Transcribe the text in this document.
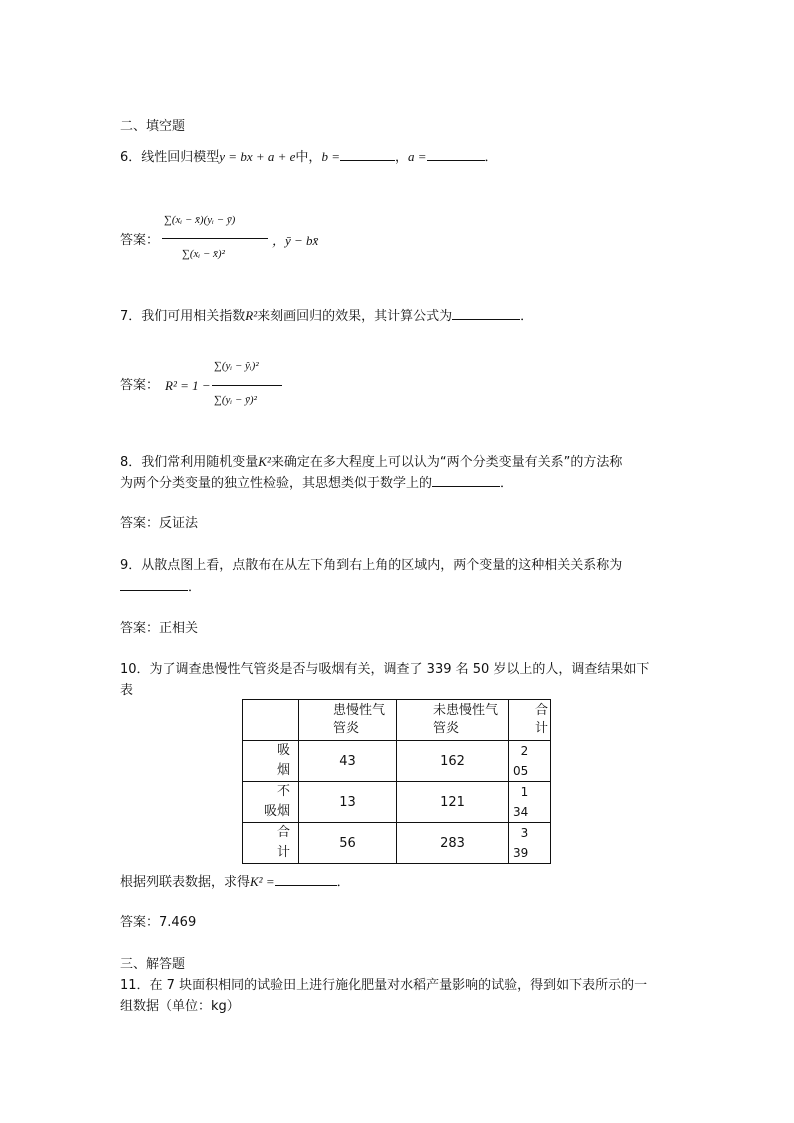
二、填空题
6．线性回归模型y = bx + a + e中，b =	，a =	．
答案：
∑(xᵢ − x̄)(yᵢ − ȳ)
∑(xᵢ − x̄)²
，ȳ − bx̄
7．我们可用相关指数R²来刻画回归的效果，其计算公式为	．
答案： R² = 1 −
∑(yᵢ − ŷᵢ)²
∑(yᵢ − ȳ)²
8．我们常利用随机变量K²来确定在多大程度上可以认为“两个分类变量有关系”的方法称
为两个分类变量的独立性检验，其思想类似于数学上的	．
答案：反证法
9．从散点图上看，点散布在从左下角到右上角的区域内，两个变量的这种相关关系称为
．
答案：正相关
10．为了调查患慢性气管炎是否与吸烟有关，调查了 339 名 50 岁以上的人，调查结果如下
表
	患慢性气
管炎	未患慢性气
管炎	合
计
吸
烟	43	162	2
05
不
吸烟	13	121	1
34
合
计	56	283	3
39
根据列联表数据，求得K² =	．
答案：7.469
三、解答题
11．在 7 块面积相同的试验田上进行施化肥量对水稻产量影响的试验，得到如下表所示的一
组数据（单位：kg）
